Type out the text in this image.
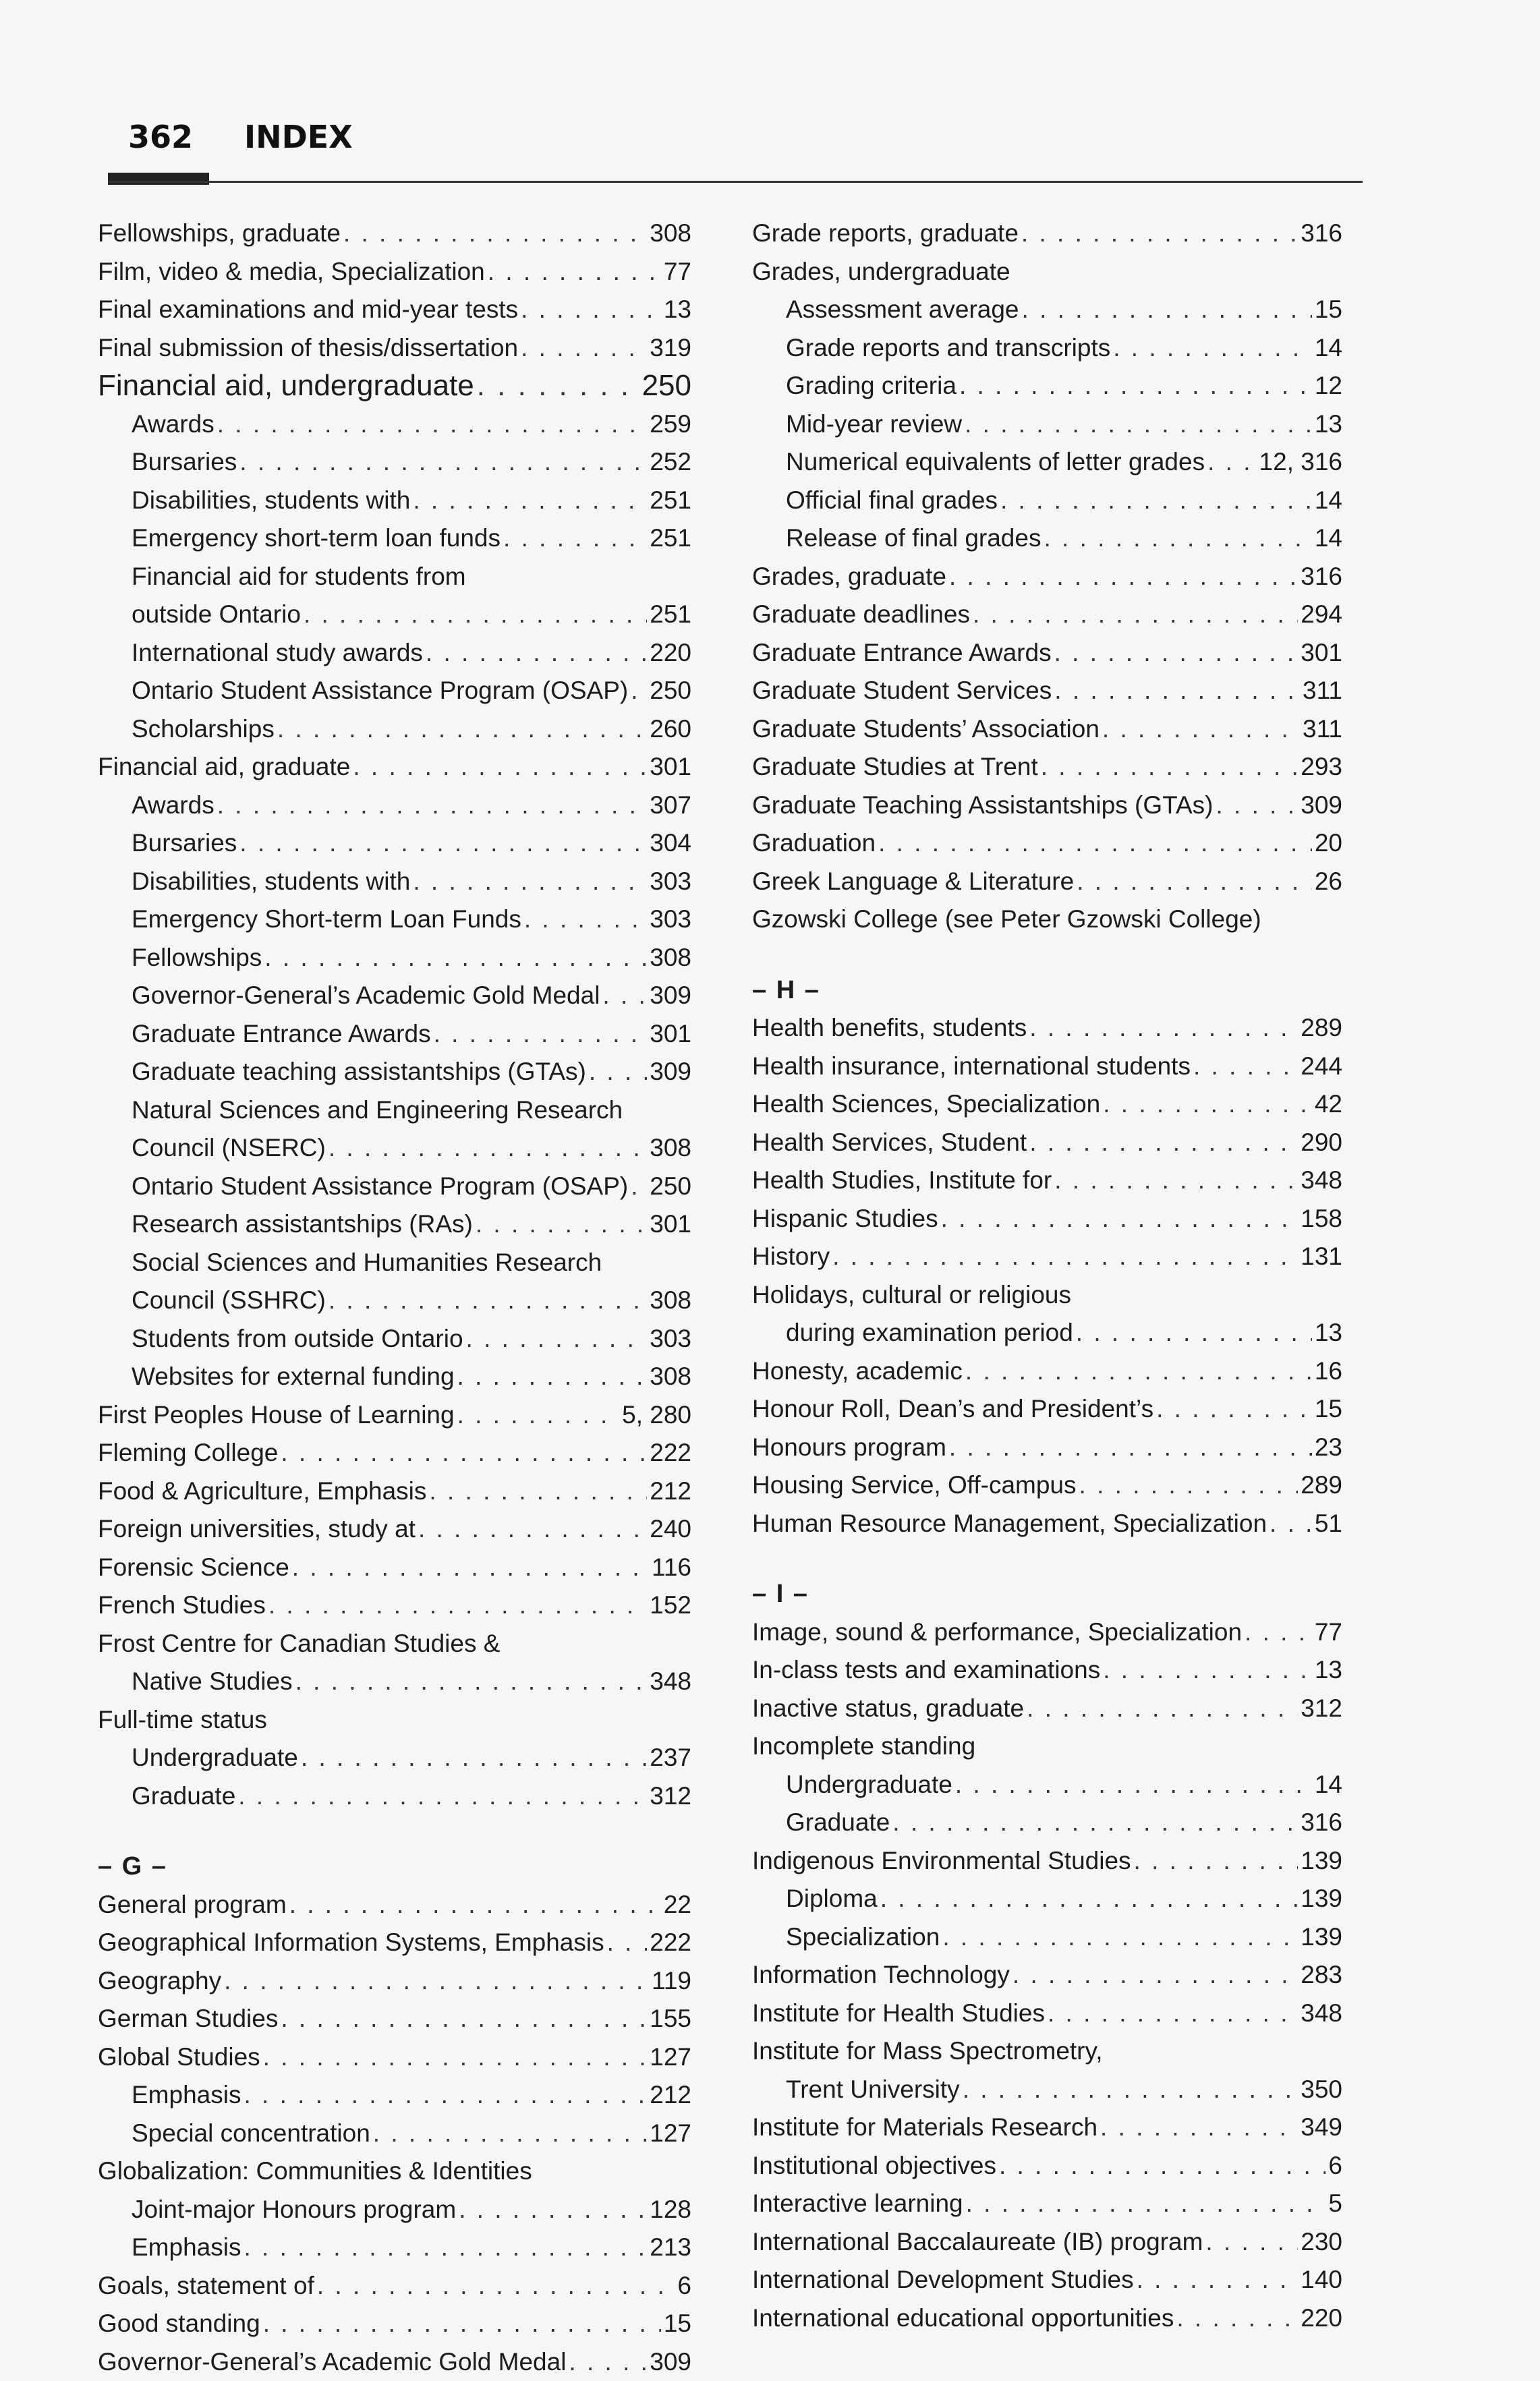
362	INDEX
Fellowships, graduate . . .	308
Film, video & media, Specialization . . .	77
Final examinations and mid-year tests . . .	13
Final submission of thesis/dissertation . . .	319
Financial aid, undergraduate . . .	250
Awards . . .	259
Bursaries . . .	252
Disabilities, students with . . .	251
Emergency short-term loan funds . . .	251
Financial aid for students from
outside Ontario . . .	251
International study awards . . .	220
Ontario Student Assistance Program (OSAP) . . . 250
Scholarships . . .	260
Financial aid, graduate . . .	301
Awards . . .	307
Bursaries . . .	304
Disabilities, students with . . .	303
Emergency Short-term Loan Funds . . .	303
Fellowships . . .	308
Governor-General’s Academic Gold Medal . . . 309
Graduate Entrance Awards . . .	301
Graduate teaching assistantships (GTAs) . . .	309
Natural Sciences and Engineering Research
Council (NSERC) . . .	308
Ontario Student Assistance Program (OSAP) . . . 250
Research assistantships (RAs) . . .	301
Social Sciences and Humanities Research
Council (SSHRC) . . .	308
Students from outside Ontario . . .	303
Websites for external funding . . .	308
First Peoples House of Learning . . .	5, 280
Fleming College . . .	222
Food & Agriculture, Emphasis . . .	212
Foreign universities, study at . . .	240
Forensic Science . . .	116
French Studies . . .	152
Frost Centre for Canadian Studies &
Native Studies . . .	348
Full-time status
Undergraduate . . .	237
Graduate . . .	312
– G –
General program . . .	22
Geographical Information Systems, Emphasis . . . 222
Geography . . .	119
German Studies . . .	155
Global Studies . . .	127
Emphasis . . .	212
Special concentration . . .	127
Globalization: Communities & Identities
Joint-major Honours program . . .	128
Emphasis . . .	213
Goals, statement of . . .	6
Good standing . . .	15
Governor-General’s Academic Gold Medal . . .	309
Grade reports, graduate . . .	316
Grades, undergraduate
Assessment average . . .	15
Grade reports and transcripts . . .	14
Grading criteria . . .	12
Mid-year review . . .	13
Numerical equivalents of letter grades . . . 12, 316
Official final grades . . .	14
Release of final grades . . .	14
Grades, graduate . . .	316
Graduate deadlines . . .	294
Graduate Entrance Awards . . .	301
Graduate Student Services . . .	311
Graduate Students’ Association . . .	311
Graduate Studies at Trent . . .	293
Graduate Teaching Assistantships (GTAs) . . .	309
Graduation . . .	20
Greek Language & Literature . . .	26
Gzowski College (see Peter Gzowski College)
– H –
Health benefits, students . . .	289
Health insurance, international students . . .	244
Health Sciences, Specialization . . .	42
Health Services, Student . . .	290
Health Studies, Institute for . . .	348
Hispanic Studies . . .	158
History . . .	131
Holidays, cultural or religious
during examination period . . .	13
Honesty, academic . . .	16
Honour Roll, Dean’s and President’s . . .	15
Honours program . . .	23
Housing Service, Off-campus . . .	289
Human Resource Management, Specialization . . . 51
– I –
Image, sound & performance, Specialization . . .	77
In-class tests and examinations . . .	13
Inactive status, graduate . . .	312
Incomplete standing
Undergraduate . . .	14
Graduate . . .	316
Indigenous Environmental Studies . . .	139
Diploma . . .	139
Specialization . . .	139
Information Technology . . .	283
Institute for Health Studies . . .	348
Institute for Mass Spectrometry,
Trent University . . .	350
Institute for Materials Research . . .	349
Institutional objectives . . .	6
Interactive learning . . .	5
International Baccalaureate (IB) program . . .	230
International Development Studies . . .	140
International educational opportunities . . .	220
